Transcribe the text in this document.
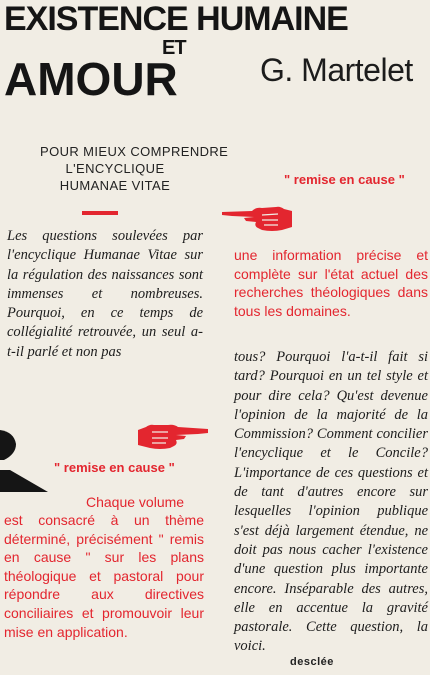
EXISTENCE HUMAINE
ET
AMOUR	G. Martelet
POUR MIEUX COMPRENDRE
L'ENCYCLIQUE
HUMANAE VITAE	" remise en cause "

une information précise et complète sur l'état actuel des recherches théologiques dans tous les domaines.

Les questions soulevées par l'encyclique Humanae Vitae sur la régulation des naissances sont immenses et nombreuses. Pourquoi, en ce temps de collégialité retrouvée, un seul a-t-il parlé et non pas	tous? Pourquoi l'a-t-il fait si tard? Pourquoi en un tel style et pour dire cela? Qu'est devenue l'opinion de la majorité de la Commission? Comment concilier l'encyclique et le Concile? L'importance de ces questions et de tant d'autres encore sur lesquelles l'opinion publique s'est déjà largement étendue, ne doit pas nous cacher l'existence d'une question plus importante encore. Inséparable des autres, elle en accentue la gravité pastorale. Cette question, la voici.

" remise en cause "

Chaque volume

est consacré à un thème déterminé, précisément " remis en cause " sur les plans théologique et pastoral pour répondre aux directives conciliaires et promouvoir leur mise en application.

desclée
